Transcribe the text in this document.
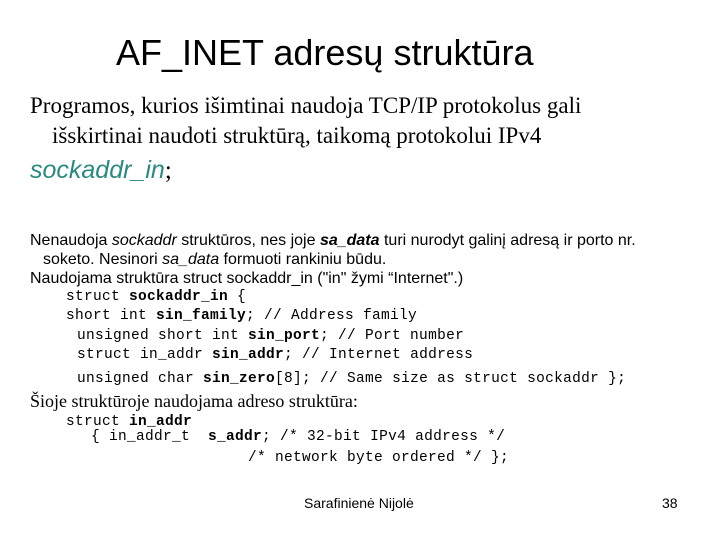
AF_INET adresų struktūra
Programos, kurios išimtinai naudoja TCP/IP protokolus gali
išskirtinai naudoti struktūrą, taikomą protokolui IPv4
sockaddr_in;
Nenaudoja sockaddr struktūros, nes joje sa_data turi nurodyt galinį adresą ir porto nr.
soketo. Nesinori sa_data formuoti rankiniu būdu.
Naudojama struktūra struct sockaddr_in ("in" žymi “Internet".)
struct sockaddr_in {
short int sin_family; // Address family
unsigned short int sin_port; // Port number
struct in_addr sin_addr; // Internet address
unsigned char sin_zero[8]; // Same size as struct sockaddr };
Šioje struktūroje naudojama adreso struktūra:
struct in_addr
{ in_addr_t  s_addr; /* 32-bit IPv4 address */
/* network byte ordered */ };
Sarafinienė Nijolė	38
